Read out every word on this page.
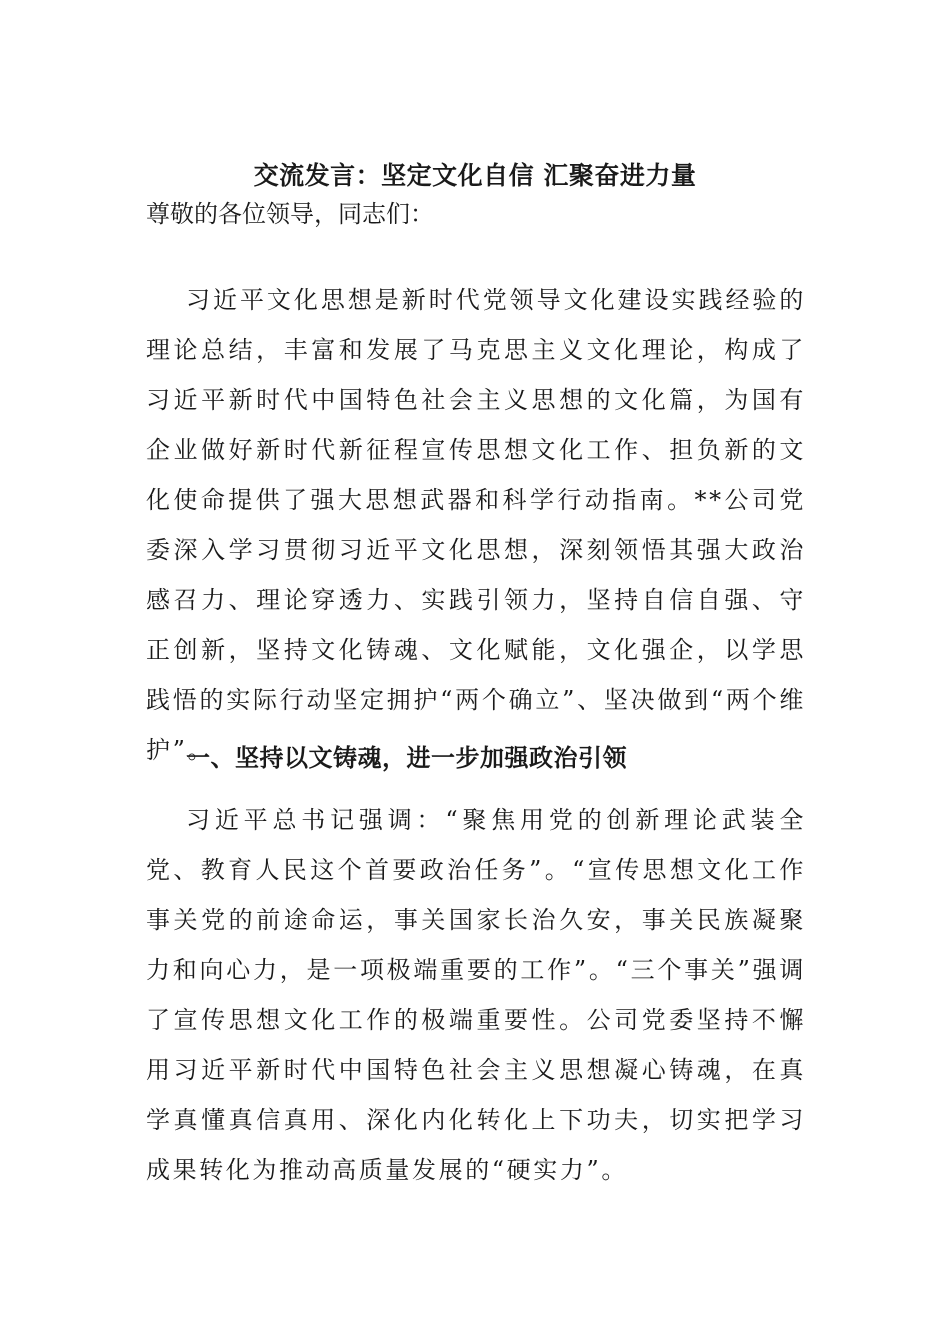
交流发言：坚定文化自信 汇聚奋进力量
尊敬的各位领导，同志们：
习近平文化思想是新时代党领导文化建设实践经验的理论总结，丰富和发展了马克思主义文化理论，构成了习近平新时代中国特色社会主义思想的文化篇，为国有企业做好新时代新征程宣传思想文化工作、担负新的文化使命提供了强大思想武器和科学行动指南。**公司党委深入学习贯彻习近平文化思想，深刻领悟其强大政治感召力、理论穿透力、实践引领力，坚持自信自强、守正创新，坚持文化铸魂、文化赋能，文化强企，以学思践悟的实际行动坚定拥护“两个确立”、坚决做到“两个维护”。
一、坚持以文铸魂，进一步加强政治引领
习近平总书记强调：“聚焦用党的创新理论武装全党、教育人民这个首要政治任务”。“宣传思想文化工作事关党的前途命运，事关国家长治久安，事关民族凝聚力和向心力，是一项极端重要的工作”。“三个事关”强调了宣传思想文化工作的极端重要性。公司党委坚持不懈用习近平新时代中国特色社会主义思想凝心铸魂，在真学真懂真信真用、深化内化转化上下功夫，切实把学习成果转化为推动高质量发展的“硬实力”。
